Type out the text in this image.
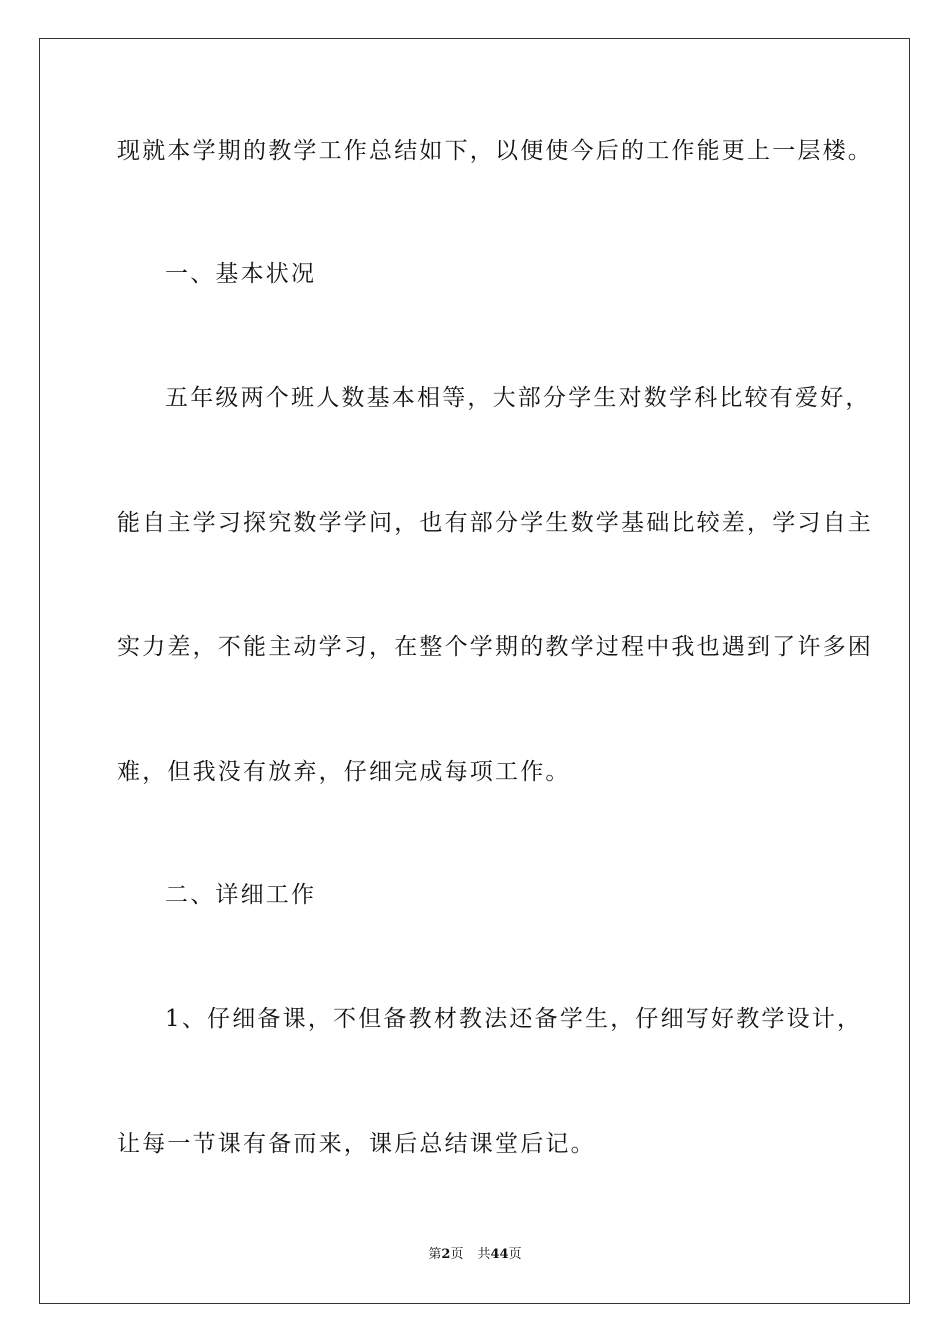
现就本学期的教学工作总结如下，以便使今后的工作能更上一层楼。
一、基本状况
五年级两个班人数基本相等，大部分学生对数学科比较有爱好，
能自主学习探究数学学问，也有部分学生数学基础比较差，学习自主
实力差，不能主动学习，在整个学期的教学过程中我也遇到了许多困
难，但我没有放弃，仔细完成每项工作。
二、详细工作
1、仔细备课，不但备教材教法还备学生，仔细写好教学设计，
让每一节课有备而来，课后总结课堂后记。
第2页 共44页
